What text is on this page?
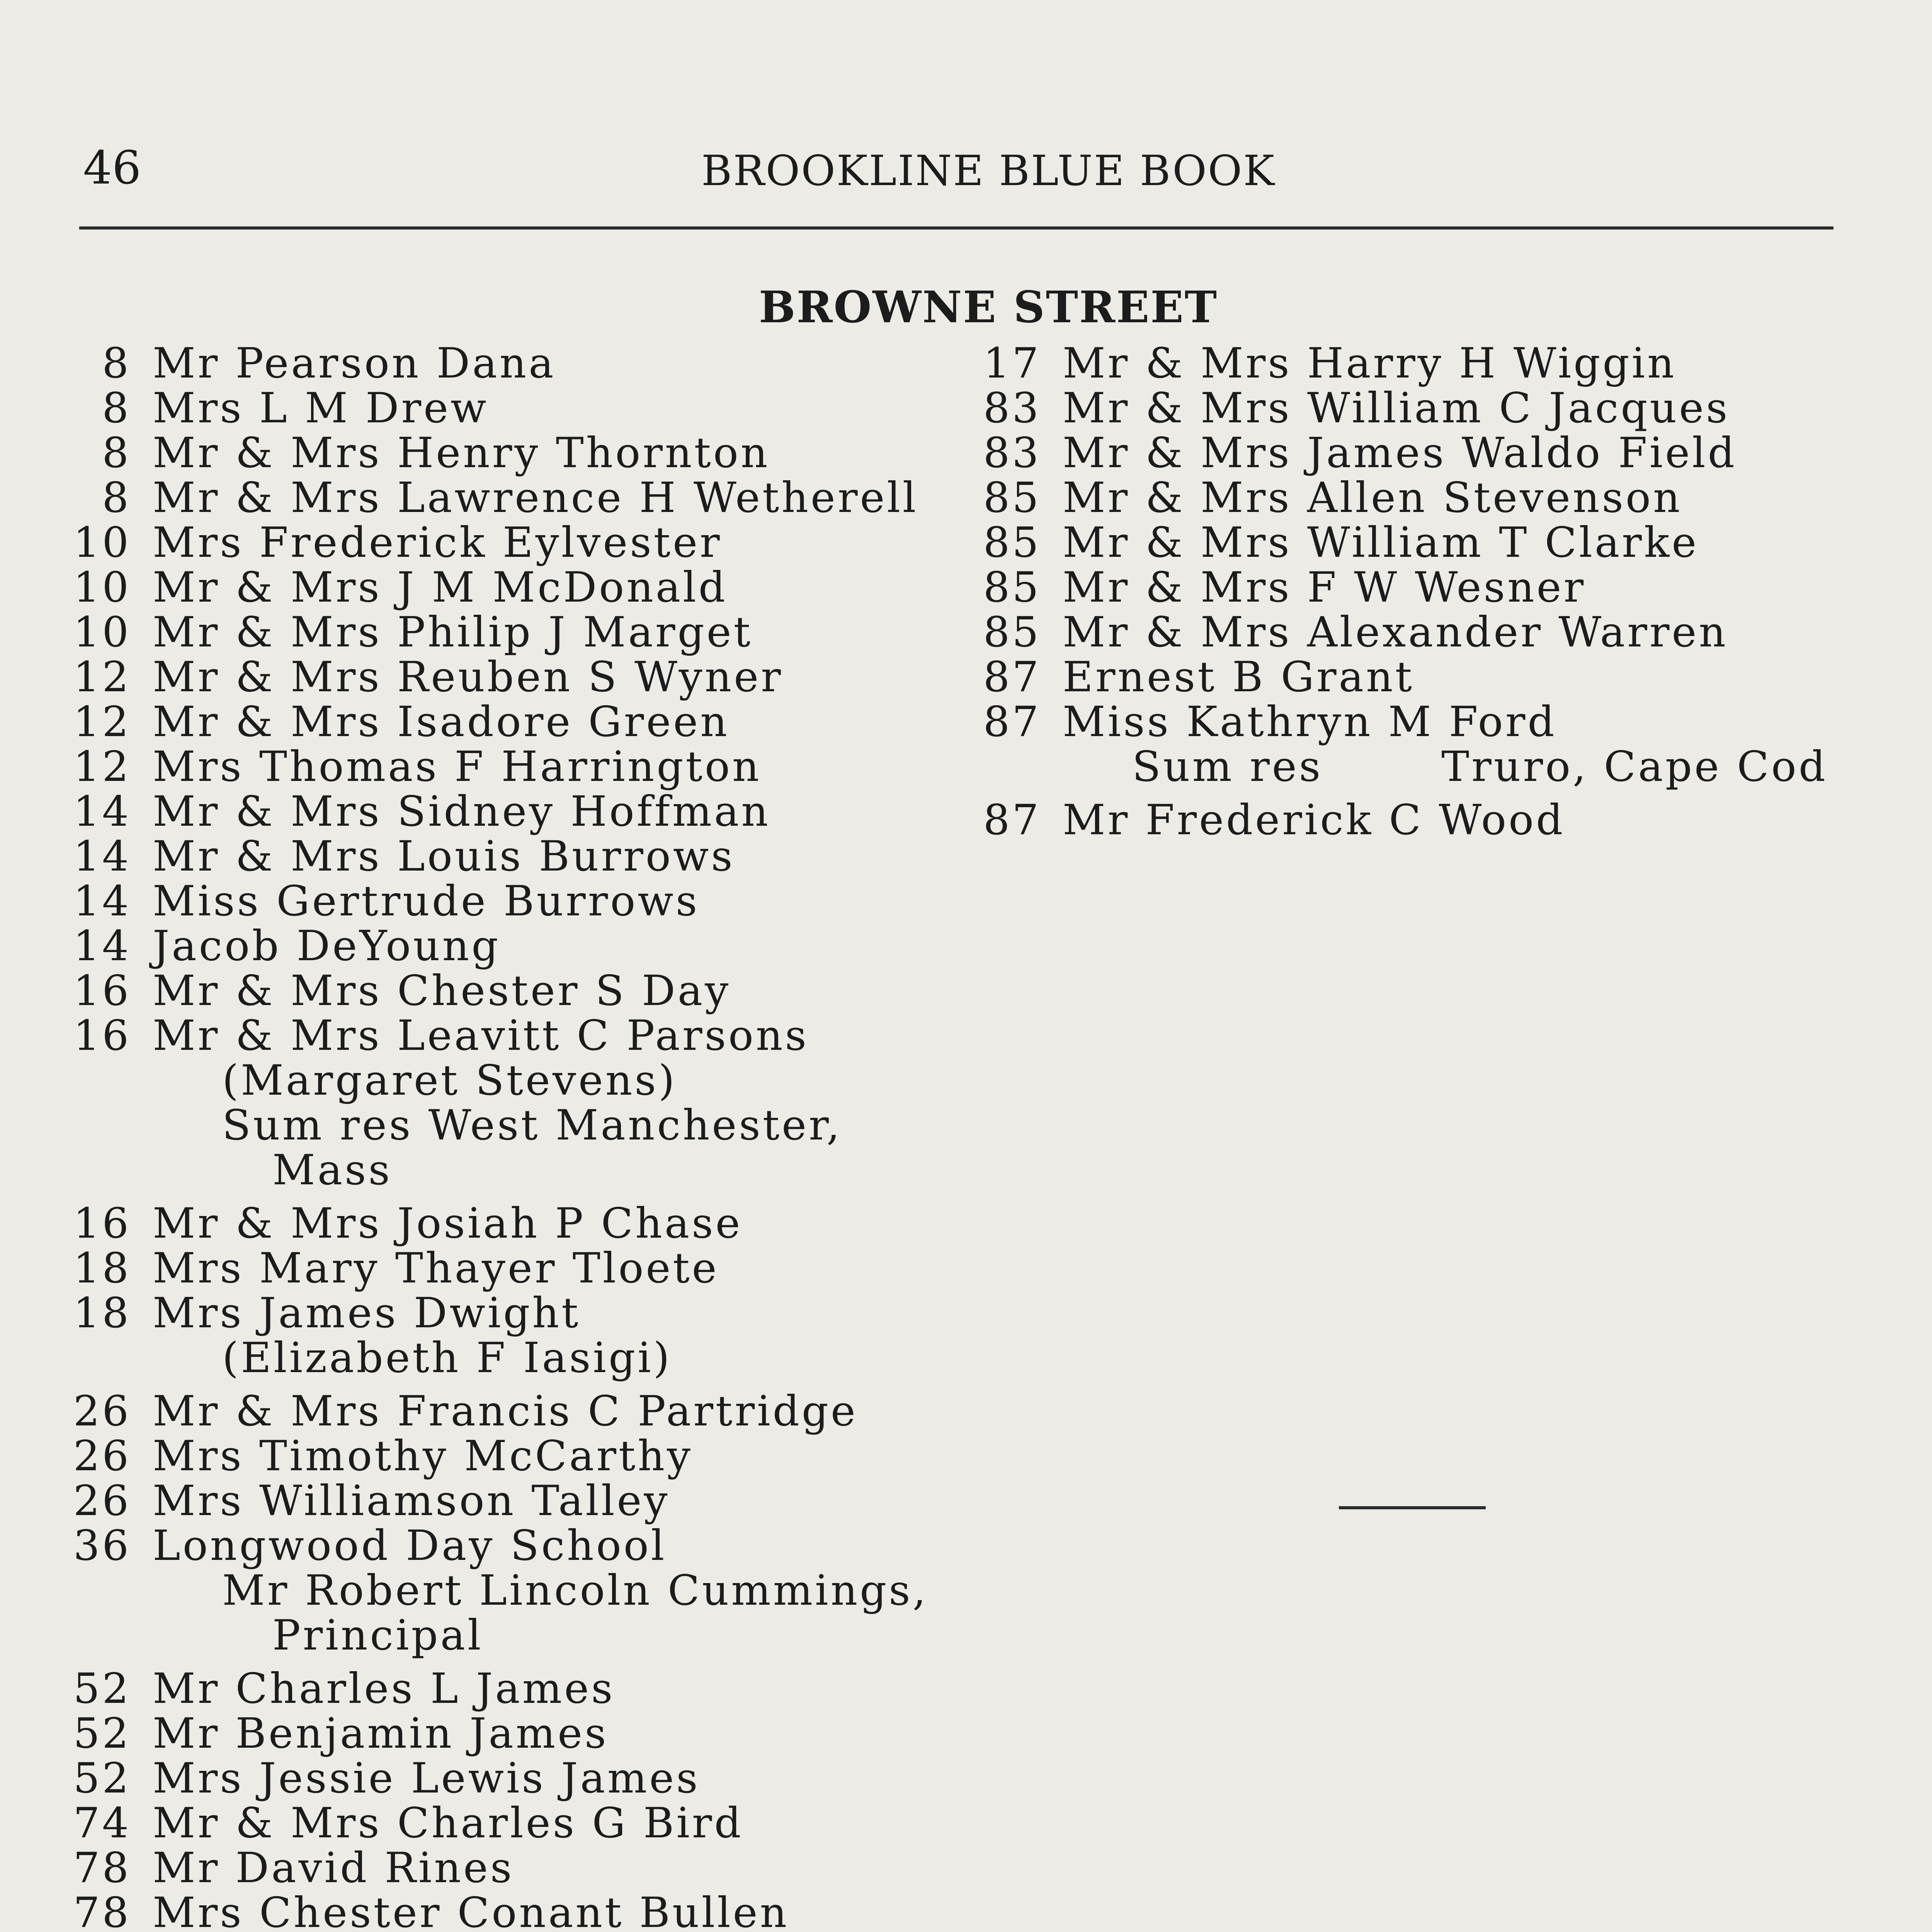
46	BROOKLINE BLUE BOOK
BROWNE STREET
8 Mr Pearson Dana
8 Mrs L M Drew
8 Mr & Mrs Henry Thornton
8 Mr & Mrs Lawrence H Wetherell
10 Mrs Frederick Eylvester
10 Mr & Mrs J M McDonald
10 Mr & Mrs Philip J Marget
12 Mr & Mrs Reuben S Wyner
12 Mr & Mrs Isadore Green
12 Mrs Thomas F Harrington
14 Mr & Mrs Sidney Hoffman
14 Mr & Mrs Louis Burrows
14 Miss Gertrude Burrows
14 Jacob DeYoung
16 Mr & Mrs Chester S Day
16 Mr & Mrs Leavitt C Parsons
(Margaret Stevens)
Sum res West Manchester,
Mass
16 Mr & Mrs Josiah P Chase
18 Mrs Mary Thayer Tloete
18 Mrs James Dwight
(Elizabeth F Iasigi)
26 Mr & Mrs Francis C Partridge
26 Mrs Timothy McCarthy
26 Mrs Williamson Talley
36 Longwood Day School
Mr Robert Lincoln Cummings,
Principal
52 Mr Charles L James
52 Mr Benjamin James
52 Mrs Jessie Lewis James
74 Mr & Mrs Charles G Bird
78 Mr David Rines
78 Mrs Chester Conant Bullen
17 Mr & Mrs Harry H Wiggin
83 Mr & Mrs William C Jacques
83 Mr & Mrs James Waldo Field
85 Mr & Mrs Allen Stevenson
85 Mr & Mrs William T Clarke
85 Mr & Mrs F W Wesner
85 Mr & Mrs Alexander Warren
87 Ernest B Grant
87 Miss Kathryn M Ford
Sum res	Truro, Cape Cod
87 Mr Frederick C Wood
